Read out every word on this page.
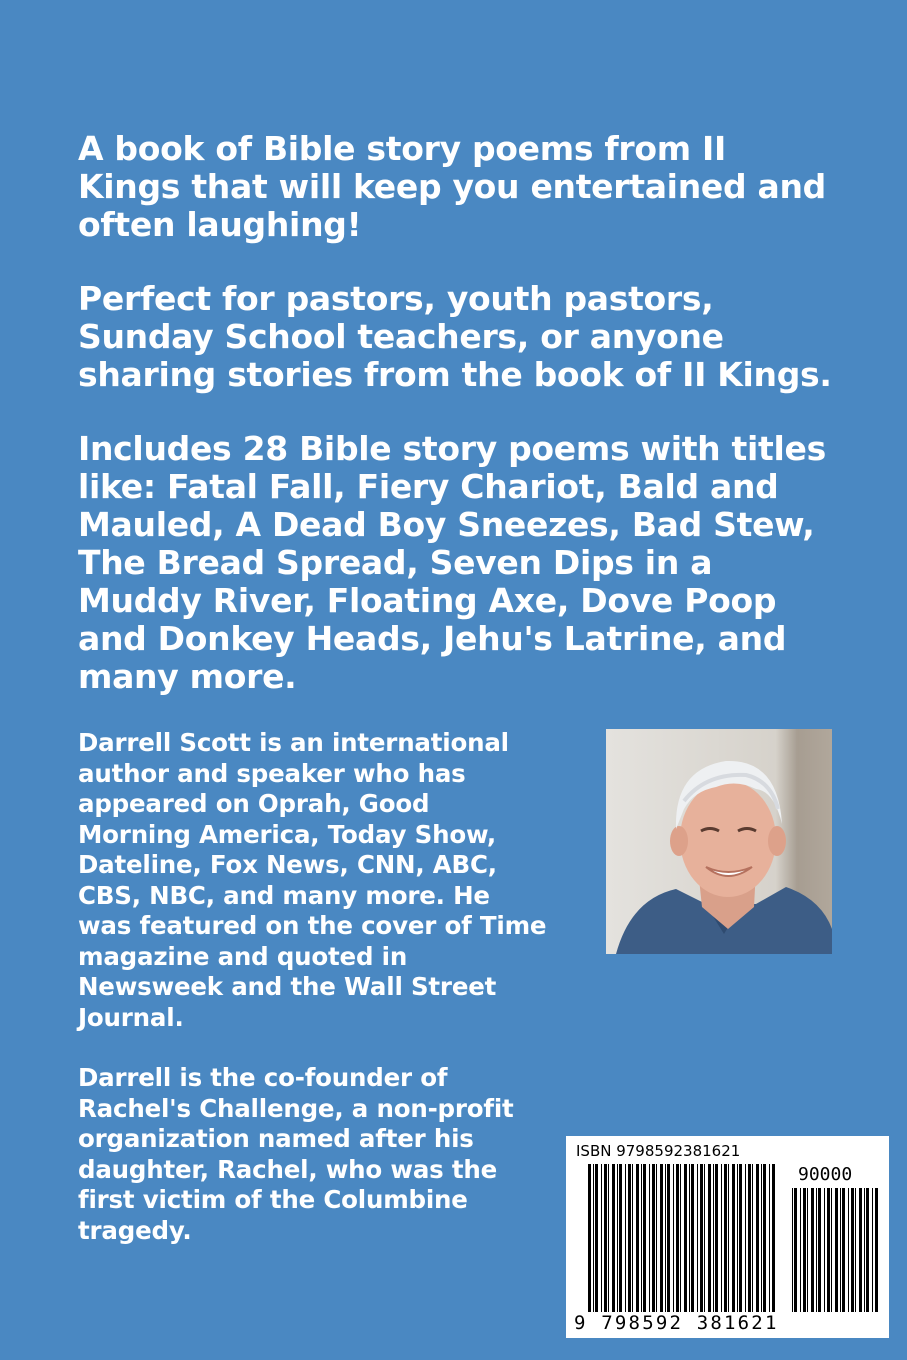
A book of Bible story poems from II Kings that will keep you entertained and often laughing!

Perfect for pastors, youth pastors, Sunday School teachers, or anyone sharing stories from the book of II Kings.

Includes 28 Bible story poems with titles like: Fatal Fall, Fiery Chariot, Bald and Mauled, A Dead Boy Sneezes, Bad Stew, The Bread Spread, Seven Dips in a Muddy River, Floating Axe, Dove Poop and Donkey Heads, Jehu's Latrine, and many more.

Darrell Scott is an international author and speaker who has appeared on Oprah, Good Morning America, Today Show, Dateline, Fox News, CNN, ABC, CBS, NBC, and many more. He was featured on the cover of Time magazine and quoted in Newsweek and the Wall Street Journal.

Darrell is the co-founder of Rachel's Challenge, a non-profit organization named after his daughter, Rachel, who was the first victim of the Columbine tragedy.

ISBN 9798592381621
90000
9 798592 381621
